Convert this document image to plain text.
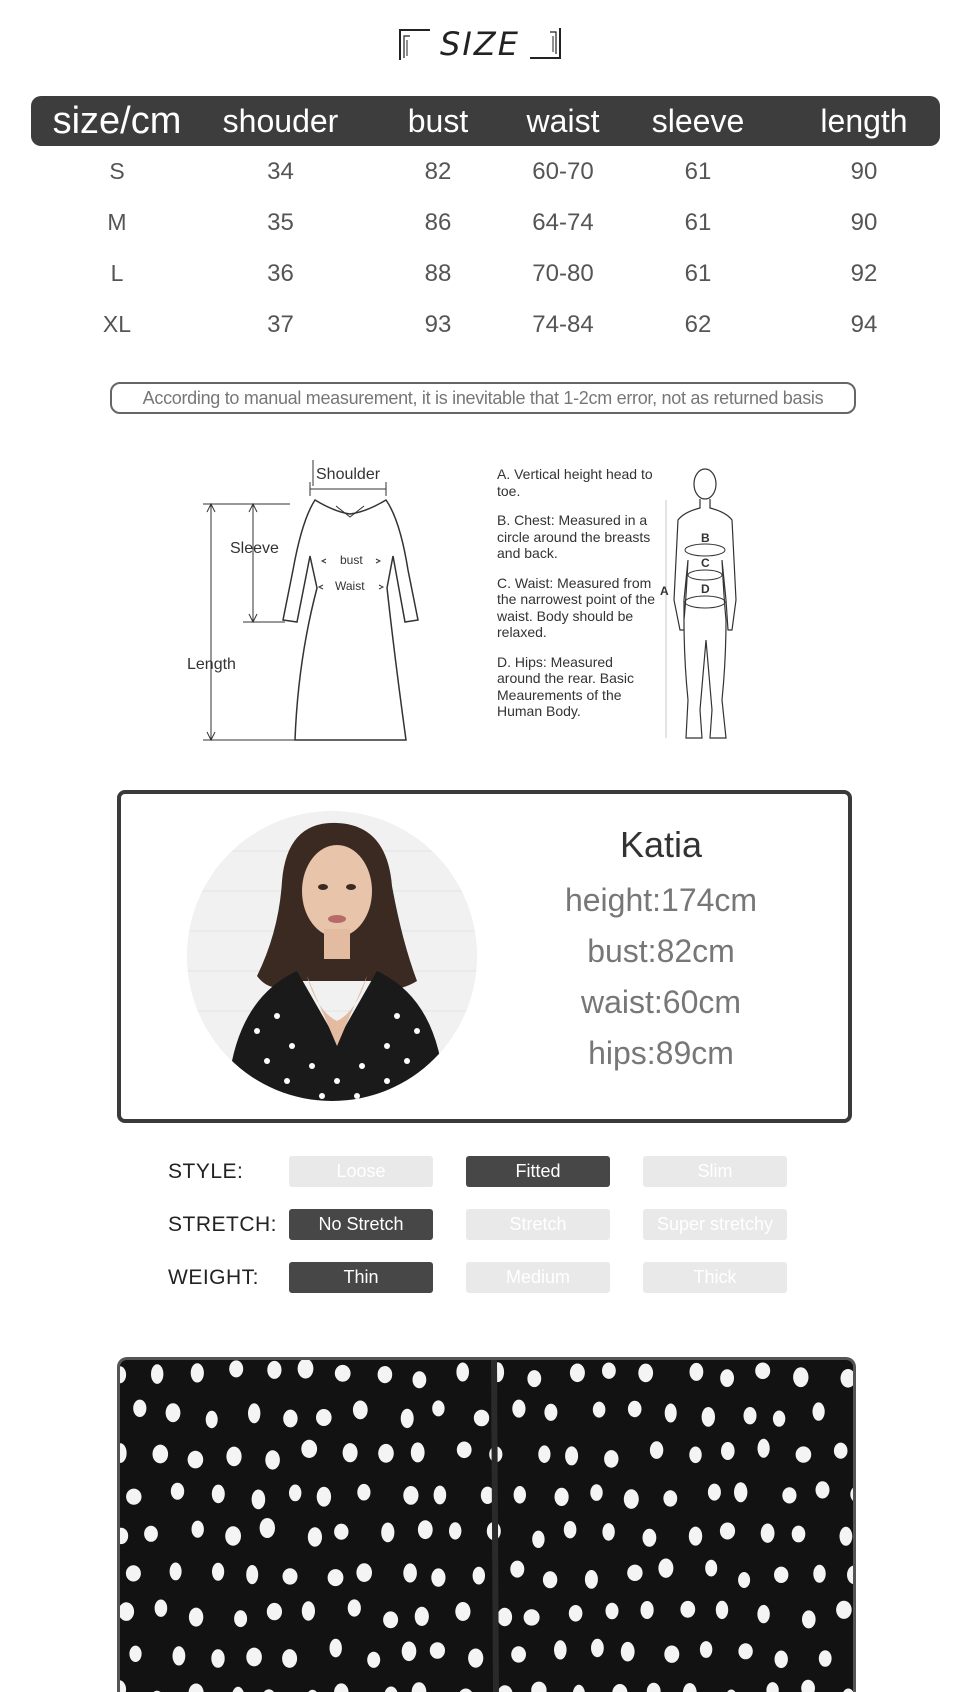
SIZE
size/cm	shouder	bust	waist	sleeve	length
S	34	82	60-70	61	90
M	35	86	64-74	61	90
L	36	88	70-80	61	92
XL	37	93	74-84	62	94
According to manual measurement, it is inevitable that 1-2cm error, not as returned basis
Shoulder
Sleeve
Length
bust
Waist

A. Vertical height head to toe.

B. Chest: Measured in a circle around the breasts and back.

C. Waist: Measured from the narrowest point of the waist. Body should be relaxed.

D. Hips: Measured around the rear. Basic Meaurements of the Human Body.

A
B
C
D
Katia
height:174cm
bust:82cm
waist:60cm
hips:89cm
STYLE:	Loose	Fitted	Slim
STRETCH:	No Stretch	Stretch	Super stretchy
WEIGHT:	Thin	Medium	Thick
